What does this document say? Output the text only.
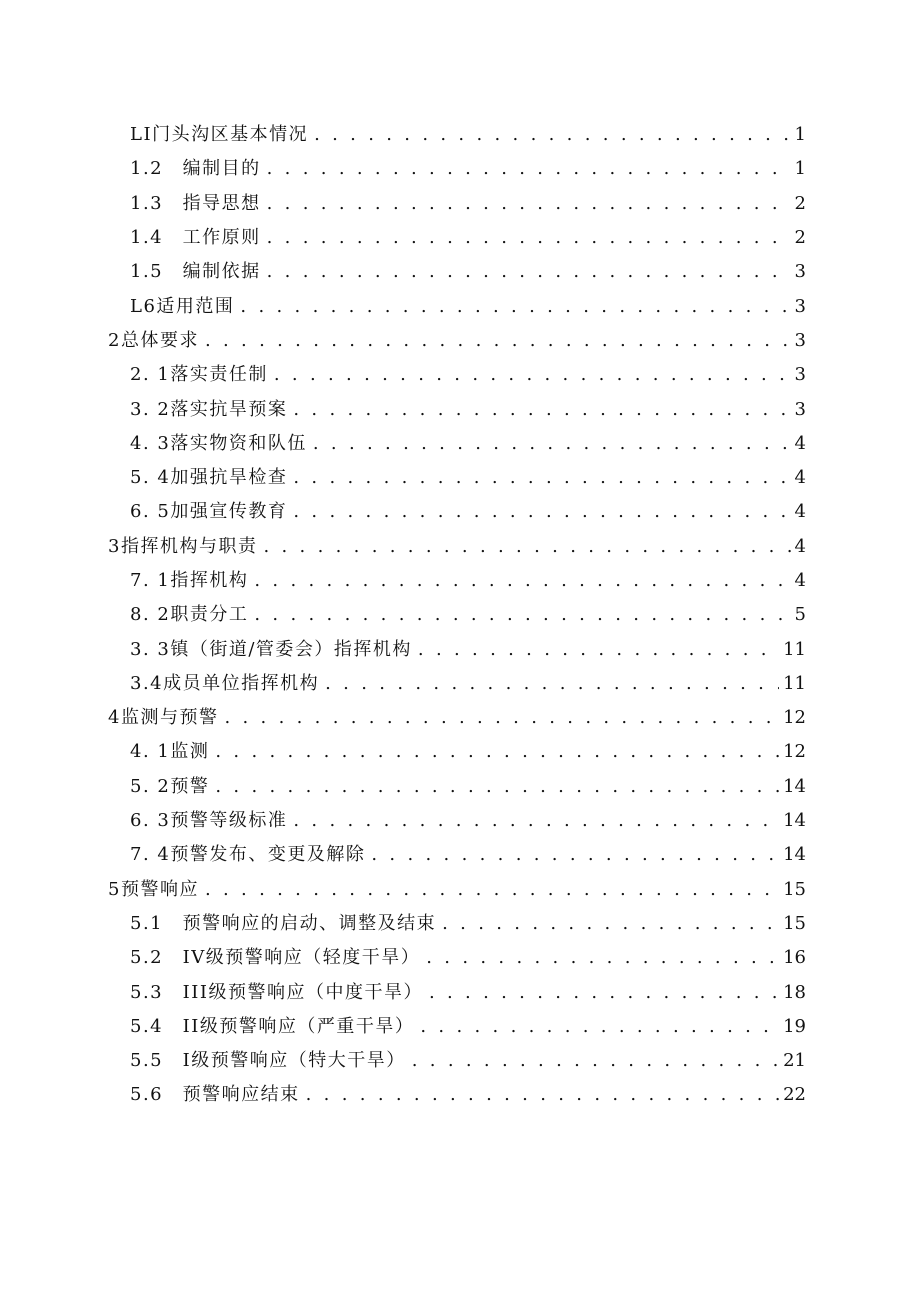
LI门头沟区基本情况 . . .	1
1.2　编制目的 . . .	1
1.3　指导思想 . . .	2
1.4　工作原则 . . .	2
1.5　编制依据 . . .	3
L6适用范围 . . .	3
2总体要求 . . .	3
2. 1落实责任制 . . .	3
3. 2落实抗旱预案 . . .	3
4. 3落实物资和队伍 . . .	4
5. 4加强抗旱检查 . . .	4
6. 5加强宣传教育 . . .	4
3指挥机构与职责 . . .	4
7. 1指挥机构 . . .	4
8. 2职责分工 . . .	5
3. 3镇（街道/管委会）指挥机构 . . .	11
3.4成员单位指挥机构 . . .	11
4监测与预警 . . .	12
4. 1监测 . . .	12
5. 2预警 . . .	14
6. 3预警等级标准 . . .	14
7. 4预警发布、变更及解除 . . .	14
5预警响应 . . .	15
5.1　预警响应的启动、调整及结束 . . .	15
5.2　IV级预警响应（轻度干旱） . . .	16
5.3　III级预警响应（中度干旱） . . .	18
5.4　II级预警响应（严重干旱） . . .	19
5.5　I级预警响应（特大干旱） . . .	21
5.6　预警响应结束 . . .	22
